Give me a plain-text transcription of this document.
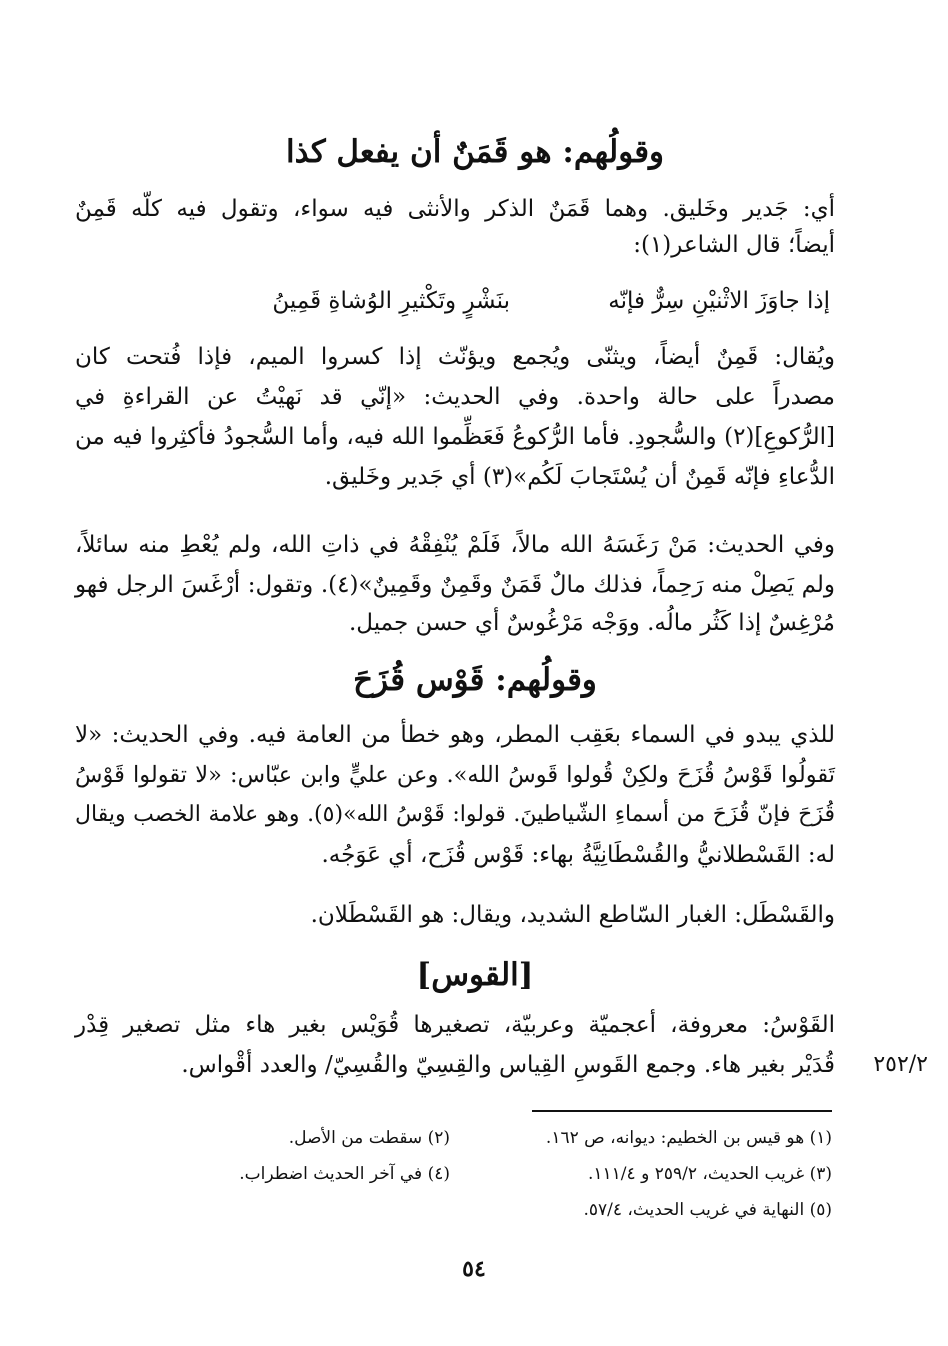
وقولُهم: هو قَمَنٌ أن يفعل كذا
أي: جَدير وخَليق. وهما قَمَنٌ الذكر والأنثى فيه سواء، وتقول فيه كلّه قَمِنٌ
أيضاً؛ قال الشاعر(١):
إذا جاوَزَ الاثْنيْنِ سِرٌّ فإنّه
بنَشْرٍ وتَكْثيرِ الوُشاةِ قَمِينُ
ويُقال: قَمِنٌ أيضاً، ويثنّى ويُجمع ويؤنّث إذا كسروا الميم، فإذا فُتحت كان
مصدراً على حالة واحدة. وفي الحديث: «إنّي قد نَهيْتُ عن القراءةِ في
[الرُّكوعِ](٢) والسُّجودِ. فأما الرُّكوعُ فَعَظِّموا الله فيه، وأما السُّجودُ فأكثِروا فيه من
الدُّعاءِ فإنّه قَمِنٌ أن يُسْتَجابَ لَكُم»(٣) أي جَدير وخَليق.
وفي الحديث: مَنْ رَغَسَهُ الله مالاً، فَلَمْ يُنْفِقْهُ في ذاتِ الله، ولم يُعْطِ منه سائلاً،
ولم يَصِلْ منه رَحِماً، فذلك مالٌ قَمَنٌ وقَمِنٌ وقَمِينٌ»(٤). وتقول: أرْغَسَ الرجل فهو
مُرْغِسٌ إذا كَثُر مالُه. ووَجْه مَرْغُوسٌ أي حسن جميل.
وقولُهم: قَوْس قُزَحَ
للذي يبدو في السماء بعَقِب المطر، وهو خطأ من العامة فيه. وفي الحديث: «لا
تَقولُوا قَوْسُ قُزَحَ ولكِنْ قُولوا قَوسُ الله». وعن عليٍّ وابن عبّاس: «لا تقولوا قَوْسُ
قُزَحَ فإنّ قُزَحَ من أسماءِ الشّياطينَ. قولوا: قَوْسُ الله»(٥). وهو علامة الخصب ويقال
له: القَسْطلانيُّ والقُسْطَانِيَّةُ بهاء: قَوْس قُزَح، أي عَوَجُه.
والقَسْطَل: الغبار السّاطع الشديد، ويقال: هو القَسْطَلان.
[القوس]
القَوْسُ: معروفة، أعجميّة وعربيّة، تصغيرها قُوَيْس بغير هاء مثل تصغير قِدْر
قُدَيْر بغير هاء. وجمع القَوسِ القِياس والقِسِيّ والقُسِيّ/ والعدد أقْواس.	٢٥٢/٢
(١) هو قيس بن الخطيم: ديوانه، ص ١٦٢.
(٢) سقطت من الأصل.
(٣) غريب الحديث، ٢٥٩/٢ و ١١١/٤.
(٤) في آخر الحديث اضطراب.
(٥) النهاية في غريب الحديث، ٥٧/٤.
٥٤
